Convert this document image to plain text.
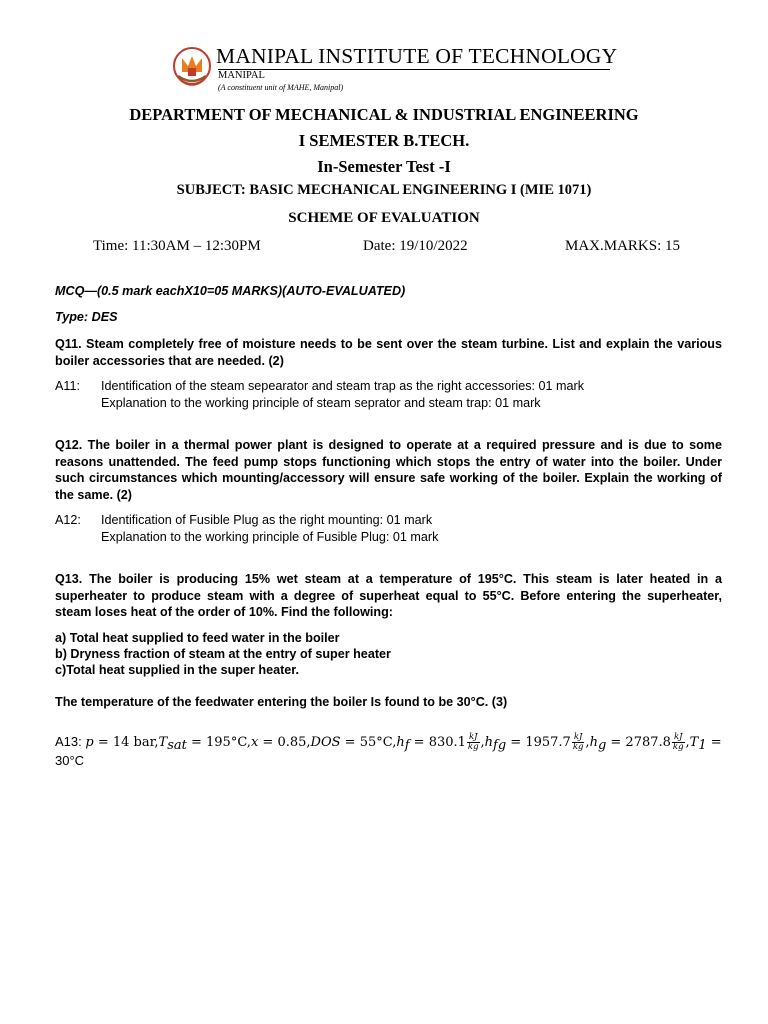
MANIPAL INSTITUTE OF TECHNOLOGY
MANIPAL
(A constituent unit of MAHE, Manipal)
DEPARTMENT OF MECHANICAL & INDUSTRIAL ENGINEERING
I SEMESTER B.TECH.
In-Semester Test -I
SUBJECT: BASIC MECHANICAL ENGINEERING I (MIE 1071)
SCHEME OF EVALUATION
Time: 11:30AM – 12:30PM	Date: 19/10/2022	MAX.MARKS: 15
MCQ—(0.5 mark eachX10=05 MARKS)(AUTO-EVALUATED)
Type: DES
Q11. Steam completely free of moisture needs to be sent over the steam turbine. List and explain the various boiler accessories that are needed. (2)
A11: Identification of the steam sepearator and steam trap as the right accessories: 01 mark
Explanation to the working principle of steam seprator and steam trap: 01 mark
Q12. The boiler in a thermal power plant is designed to operate at a required pressure and is due to some reasons unattended. The feed pump stops functioning which stops the entry of water into the boiler. Under such circumstances which mounting/accessory will ensure safe working of the boiler. Explain the working of the same. (2)
A12: Identification of Fusible Plug as the right mounting: 01 mark
Explanation to the working principle of Fusible Plug: 01 mark
Q13. The boiler is producing 15% wet steam at a temperature of 195°C. This steam is later heated in a superheater to produce steam with a degree of superheat equal to 55°C. Before entering the superheater, steam loses heat of the order of 10%. Find the following:
a) Total heat supplied to feed water in the boiler
b) Dryness fraction of steam at the entry of super heater
c)Total heat supplied in the super heater.
The temperature of the feedwater entering the boiler Is found to be 30°C. (3)
A13: p = 14 $bar,T_{sat} = 195^\circ C,x = 0.85,DOS = 55^\circ C,h_f = 830.1 \frac{kJ}{kg} ,h_{fg} = 1957.7 \frac{kJ}{kg} ,h_g = 2787.8 \frac{kJ}{kg} ,T_1$ =
30°C
